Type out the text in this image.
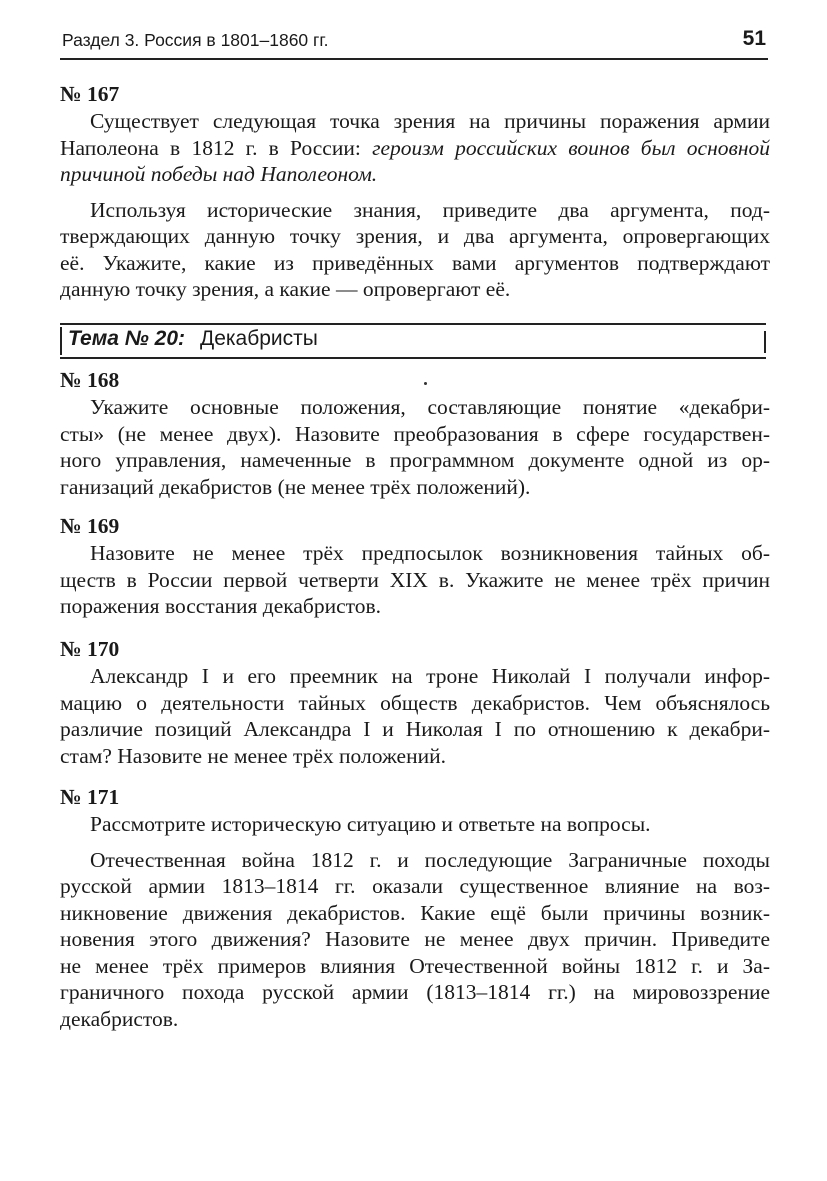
Раздел 3. Россия в 1801–1860 гг.	51
№ 167
Существует следующая точка зрения на причины поражения армии
Наполеона в 1812 г. в России: героизм российских воинов был основной
причиной победы над Наполеоном.
Используя исторические знания, приведите два аргумента, под-
тверждающих данную точку зрения, и два аргумента, опровергающих
её. Укажите, какие из приведённых вами аргументов подтверждают
данную точку зрения, а какие — опровергают её.
Тема № 20: Декабристы
№ 168
Укажите основные положения, составляющие понятие «декабри-
сты» (не менее двух). Назовите преобразования в сфере государствен-
ного управления, намеченные в программном документе одной из ор-
ганизаций декабристов (не менее трёх положений).
№ 169
Назовите не менее трёх предпосылок возникновения тайных об-
ществ в России первой четверти XIX в. Укажите не менее трёх причин
поражения восстания декабристов.
№ 170
Александр I и его преемник на троне Николай I получали инфор-
мацию о деятельности тайных обществ декабристов. Чем объяснялось
различие позиций Александра I и Николая I по отношению к декабри-
стам? Назовите не менее трёх положений.
№ 171
Рассмотрите историческую ситуацию и ответьте на вопросы.
Отечественная война 1812 г. и последующие Заграничные походы
русской армии 1813–1814 гг. оказали существенное влияние на воз-
никновение движения декабристов. Какие ещё были причины возник-
новения этого движения? Назовите не менее двух причин. Приведите
не менее трёх примеров влияния Отечественной войны 1812 г. и За-
граничного похода русской армии (1813–1814 гг.) на мировоззрение
декабристов.
